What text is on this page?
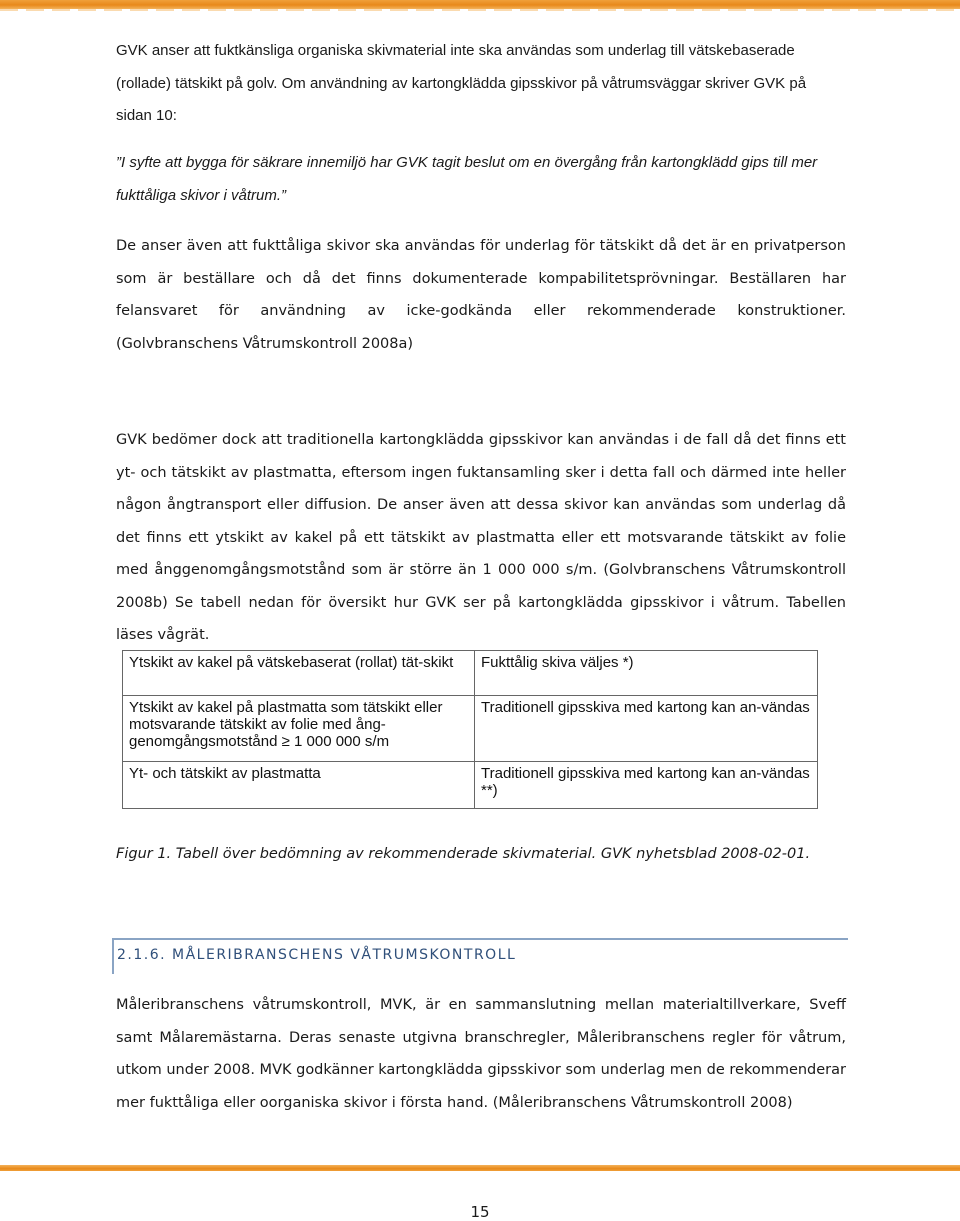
GVK anser att fuktkänsliga organiska skivmaterial inte ska användas som underlag till vätskebaserade (rollade) tätskikt på golv. Om användning av kartongklädda gipsskivor på våtrumsväggar skriver GVK på sidan 10:

”I syfte att bygga för säkrare innemiljö har GVK tagit beslut om en övergång från kartongklädd gips till mer fukttåliga skivor i våtrum.”

De anser även att fukttåliga skivor ska användas för underlag för tätskikt då det är en privatperson som är beställare och då det finns dokumenterade kompabilitetsprövningar. Beställaren har felansvaret för användning av icke-godkända eller rekommenderade konstruktioner. (Golvbranschens Våtrumskontroll 2008a)

GVK bedömer dock att traditionella kartongklädda gipsskivor kan användas i de fall då det finns ett yt- och tätskikt av plastmatta, eftersom ingen fuktansamling sker i detta fall och därmed inte heller någon ångtransport eller diffusion. De anser även att dessa skivor kan användas som underlag då det finns ett ytskikt av kakel på ett tätskikt av plastmatta eller ett motsvarande tätskikt av folie med ånggenomgångsmotstånd som är större än 1 000 000 s/m. (Golvbranschens Våtrumskontroll 2008b) Se tabell nedan för översikt hur GVK ser på kartongklädda gipsskivor i våtrum. Tabellen läses vågrät.

Ytskikt av kakel på vätskebaserat (rollat) tät-skikt	Fukttålig skiva väljes *)
Ytskikt av kakel på plastmatta som tätskikt eller motsvarande tätskikt av folie med ång-genomgångsmotstånd ≥ 1 000 000 s/m	Traditionell gipsskiva med kartong kan an-vändas
Yt- och tätskikt av plastmatta	Traditionell gipsskiva med kartong kan an-vändas **)

Figur 1. Tabell över bedömning av rekommenderade skivmaterial. GVK nyhetsblad 2008-02-01.

2.1.6. MÅLERIBRANSCHENS VÅTRUMSKONTROLL

Måleribranschens våtrumskontroll, MVK, är en sammanslutning mellan materialtillverkare, Sveff samt Målaremästarna. Deras senaste utgivna branschregler, Måleribranschens regler för våtrum, utkom under 2008. MVK godkänner kartongklädda gipsskivor som underlag men de rekommenderar mer fukttåliga eller oorganiska skivor i första hand. (Måleribranschens Våtrumskontroll 2008)

15
